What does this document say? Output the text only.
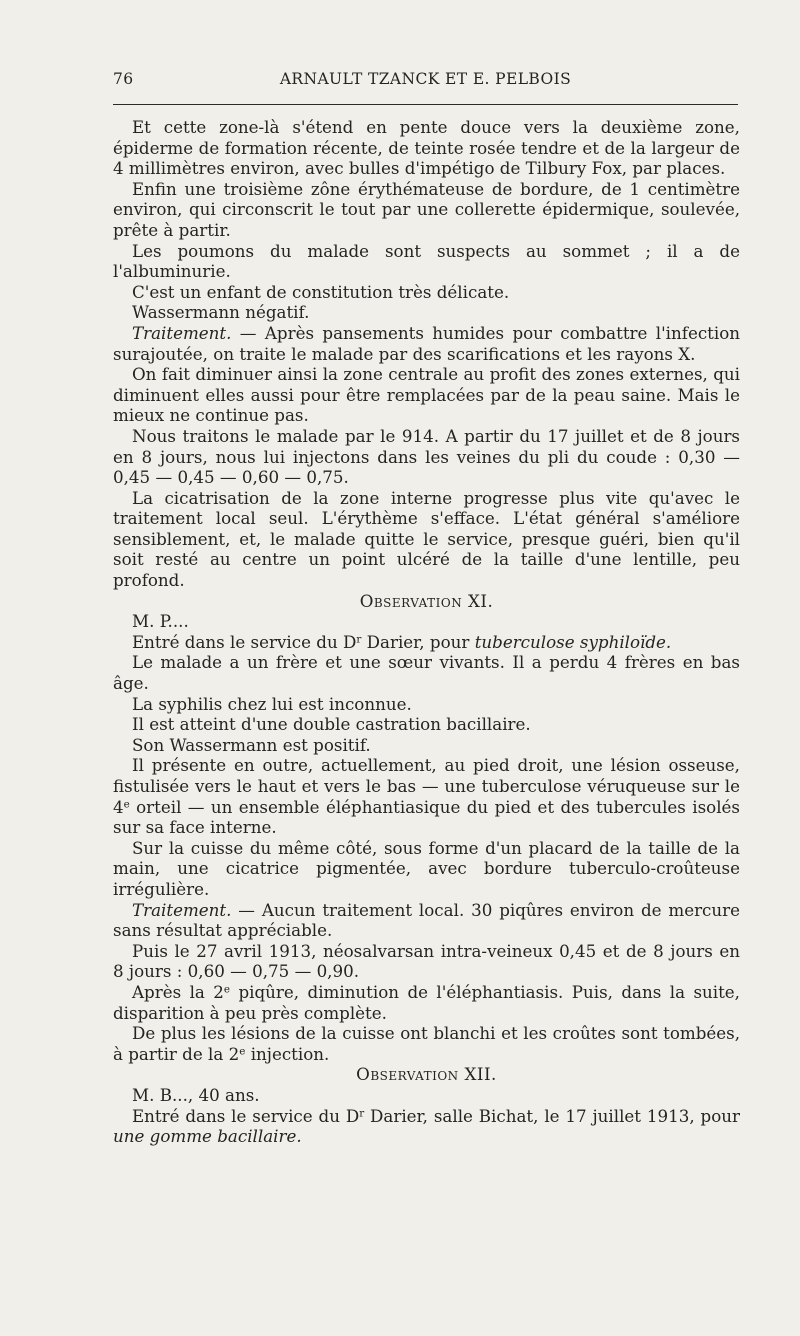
76	ARNAULT TZANCK ET E. PELBOIS

Et cette zone-là s'étend en pente douce vers la deuxième zone, épiderme de formation récente, de teinte rosée tendre et de la largeur de 4 millimètres environ, avec bulles d'impétigo de Tilbury Fox, par places.

Enfin une troisième zône érythémateuse de bordure, de 1 centimètre environ, qui circonscrit le tout par une collerette épidermique, soulevée, prête à partir.

Les poumons du malade sont suspects au sommet ; il a de l'albuminurie.

C'est un enfant de constitution très délicate.

Wassermann négatif.

Traitement. — Après pansements humides pour combattre l'infection surajoutée, on traite le malade par des scarifications et les rayons X.

On fait diminuer ainsi la zone centrale au profit des zones externes, qui diminuent elles aussi pour être remplacées par de la peau saine. Mais le mieux ne continue pas.

Nous traitons le malade par le 914. A partir du 17 juillet et de 8 jours en 8 jours, nous lui injectons dans les veines du pli du coude : 0,30 — 0,45 — 0,45 — 0,60 — 0,75.

La cicatrisation de la zone interne progresse plus vite qu'avec le traitement local seul. L'érythème s'efface. L'état général s'améliore sensiblement, et, le malade quitte le service, presque guéri, bien qu'il soit resté au centre un point ulcéré de la taille d'une lentille, peu profond.

Observation XI.

M. P....

Entré dans le service du $D^r$ Darier, pour tuberculose syphiloïde.

Le malade a un frère et une sœur vivants. Il a perdu 4 frères en bas âge.

La syphilis chez lui est inconnue.

Il est atteint d'une double castration bacillaire.

Son Wassermann est positif.

Il présente en outre, actuellement, au pied droit, une lésion osseuse, fistulisée vers le haut et vers le bas — une tuberculose véruqueuse sur le 4e orteil — un ensemble éléphantiasique du pied et des tubercules isolés sur sa face interne.

Sur la cuisse du même côté, sous forme d'un placard de la taille de la main, une cicatrice pigmentée, avec bordure tuberculo-croûteuse irrégulière.

Traitement. — Aucun traitement local. 30 piqûres environ de mercure sans résultat appréciable.

Puis le 27 avril 1913, néosalvarsan intra-veineux 0,45 et de 8 jours en 8 jours : 0,60 — 0,75 — 0,90.

Après la 2e piqûre, diminution de l'éléphantiasis. Puis, dans la suite, disparition à peu près complète.

De plus les lésions de la cuisse ont blanchi et les croûtes sont tombées, à partir de la 2e injection.

Observation XII.

M. B..., 40 ans.

Entré dans le service du $D^r$ Darier, salle Bichat, le 17 juillet 1913, pour une gomme bacillaire.
